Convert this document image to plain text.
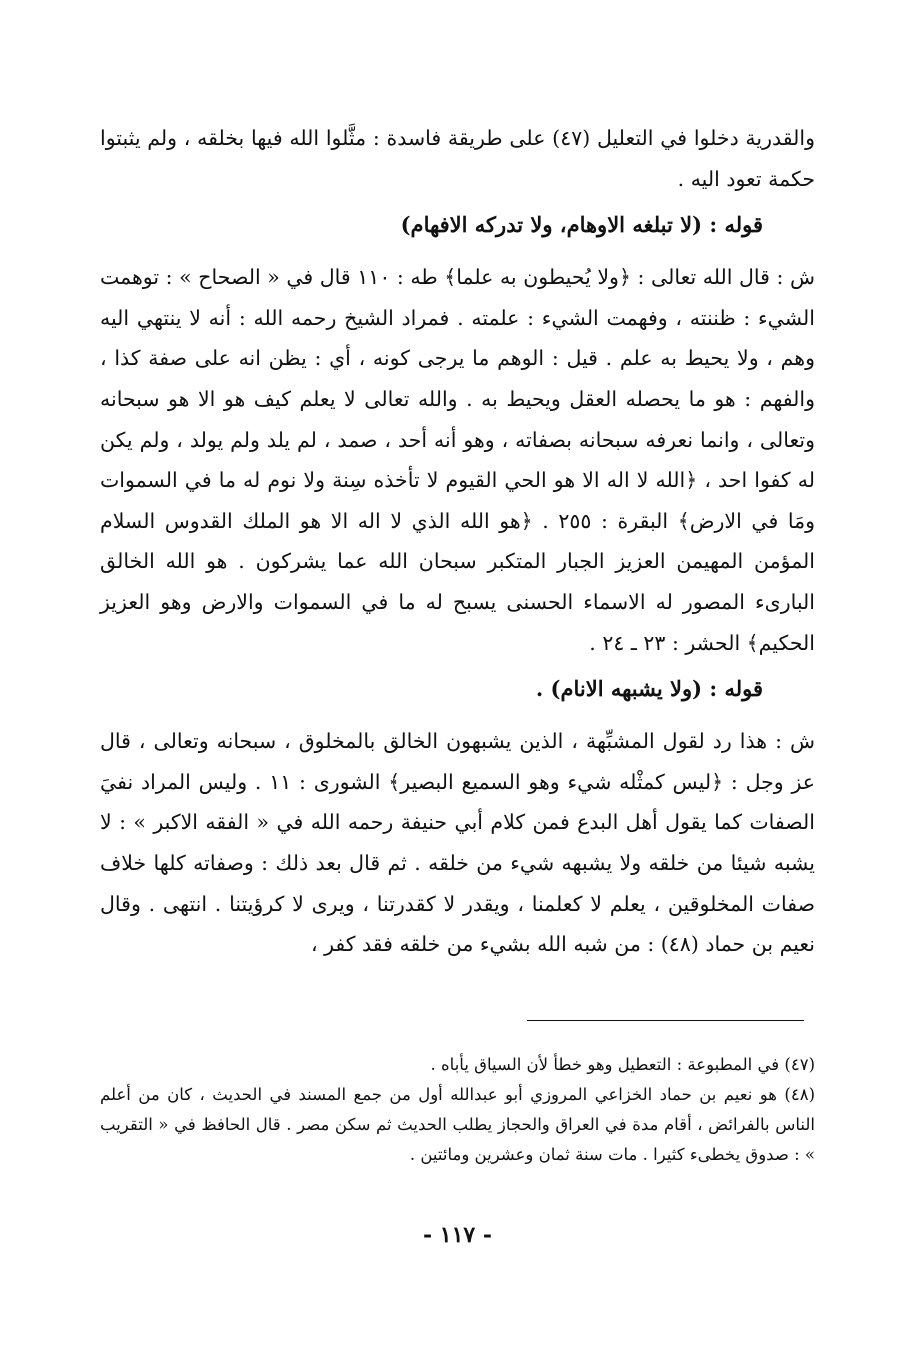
والقدرية دخلوا في التعليل (٤٧) على طريقة فاسدة : مثَّلوا الله فيها بخلقه ، ولم يثبتوا حكمة تعود اليه .

قوله : (لا تبلغه الاوهام، ولا تدركه الافهام)

ش : قال الله تعالى : ﴿ولا يُحيطون به علما﴾ طه : ١١٠ قال في « الصحاح » : توهمت الشيء : ظننته ، وفهمت الشيء : علمته . فمراد الشيخ رحمه الله : أنه لا ينتهي اليه وهم ، ولا يحيط به علم . قيل : الوهم ما يرجى كونه ، أي : يظن انه على صفة كذا ، والفهم : هو ما يحصله العقل ويحيط به . والله تعالى لا يعلم كيف هو الا هو سبحانه وتعالى ، وانما نعرفه سبحانه بصفاته ، وهو أنه أحد ، صمد ، لم يلد ولم يولد ، ولم يكن له كفوا احد ، ﴿الله لا اله الا هو الحي القيوم لا تأخذه سِنة ولا نوم له ما في السموات ومَا في الارض﴾ البقرة : ٢٥٥ . ﴿هو الله الذي لا اله الا هو الملك القدوس السلام المؤمن المهيمن العزيز الجبار المتكبر سبحان الله عما يشركون . هو الله الخالق البارىء المصور له الاسماء الحسنى يسبح له ما في السموات والارض وهو العزيز الحكيم﴾ الحشر : ٢٣ ـ ٢٤ .

قوله : (ولا يشبهه الانام) .

ش : هذا رد لقول المشبِّهة ، الذين يشبهون الخالق بالمخلوق ، سبحانه وتعالى ، قال عز وجل : ﴿ليس كمثْله شيء وهو السميع البصير﴾ الشورى : ١١ . وليس المراد نفيَ الصفات كما يقول أهل البدع فمن كلام أبي حنيفة رحمه الله في « الفقه الاكبر » : لا يشبه شيئا من خلقه ولا يشبهه شيء من خلقه . ثم قال بعد ذلك : وصفاته كلها خلاف صفات المخلوقين ، يعلم لا كعلمنا ، ويقدر لا كقدرتنا ، ويرى لا كرؤيتنا . انتهى . وقال نعيم بن حماد (٤٨) : من شبه الله بشيء من خلقه فقد كفر ،

(٤٧) في المطبوعة : التعطيل وهو خطأ لأن السياق يأباه .

(٤٨) هو نعيم بن حماد الخزاعي المروزي أبو عبدالله أول من جمع المسند في الحديث ، كان من أعلم الناس بالفرائض ، أقام مدة في العراق والحجاز يطلب الحديث ثم سكن مصر . قال الحافظ في « التقريب » : صدوق يخطىء كثيرا . مات سنة ثمان وعشرين ومائتين .

- ١١٧ -
